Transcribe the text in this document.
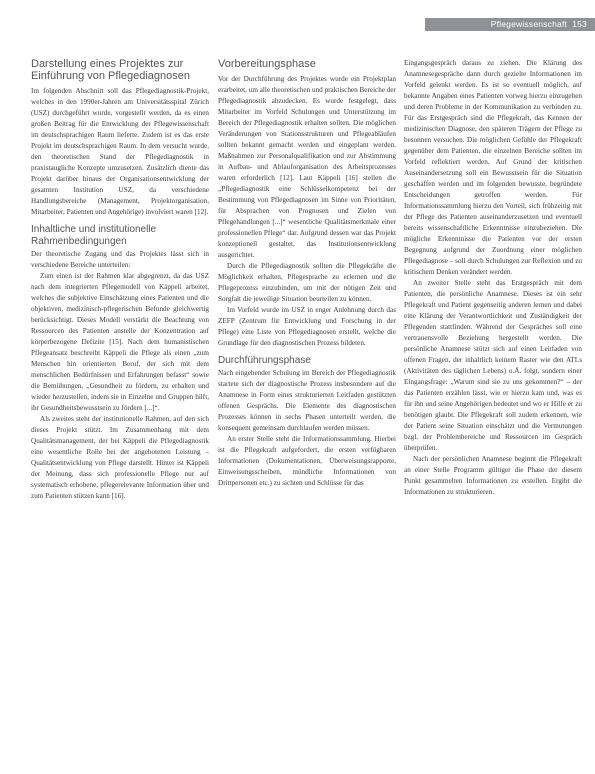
Pflegewissenschaft 153
Darstellung eines Projektes zur Einführung von Pflegediagnosen

Im folgenden Abschnitt soll das Pflegediagnostik-Projekt, welches in den 1990er-Jahren am Universitätsspital Zürich (USZ) durchgeführt wurde, vorgestellt werden, da es einen großen Beitrag für die Entwicklung der Pflegewissenschaft im deutschsprachigen Raum lieferte. Zudem ist es das erste Projekt im deutschsprachigen Raum. In dem versucht wurde, den theoretischen Stand der Pflegediagnostik in praxistaugliche Konzepte umzusetzen. Zusätzlich diente das Projekt darüber hinaus der Organisationsentwicklung der gesamten Institution USZ, da verschiedene Handlungsbereiche (Management, Projektorganisation, Mitarbeiter, Patienten und Angehörige) involviert waren [12].

Inhaltliche und institutionelle Rahmenbedingungen

Der theoretische Zugang und das Projektes lässt sich in verschiedene Bereiche unterteilen:

Zum einen ist der Rahmen klar abgegrenzt, da das USZ nach dem integrierten Pflegemodell von Käppeli arbeitet, welches die subjektive Einschätzung eines Patienten und die objektiven, medizinisch-pflegerischen Befunde gleichwertig berücksichtigt. Dieses Modell verstärkt die Beachtung von Ressourcen des Patienten anstelle der Konzentration auf körperbezogene Defizite [15]. Nach dem humanistischen Pflegeansatz beschreibt Käppeli die Pflege als einen „zum Menschen hin orientierten Beruf, der sich mit dem menschlichen Bedürfnissen und Erfahrungen befasst“ sowie die Bemühungen, „Gesundheit zu fördern, zu erhalten und wieder herzustellen, indem sie in Einzelne und Gruppen hilft, ihr Gesundheitsbewusstsein zu fördern [...]“.

Als zweites steht der institutionelle Rahmen, auf den sich dieses Projekt stützt. Im Zusammenhang mit dem Qualitätsmanagement, der bei Käppeli die Pflegediagnostik eine wesentliche Rolle bei der angebotenen Leistung – Qualitätsentwicklung von Pflege darstellt. Hinter ist Käppeli der Meinung, dass sich professionelle Pflege nur auf systematisch erhobene, pflegerelevante Information über und zum Patienten stützen kann [16].

Vorbereitungsphase

Vor der Durchführung des Projektes wurde ein Projektplan erarbeitet, um alle theoretischen und praktischen Bereiche der Pflegediagnostik abzudecken. Es wurde festgelegt, dass Mitarbeiter im Vorfeld Schulungen und Unterstützung im Bereich der Pflegediagnostik erhalten sollten. Die möglichen Veränderungen von Stationsstrukturen und Pflegeabläufen sollten bekannt gemacht werden und eingeplant werden. Maßnahmen zur Personalqualifikation und zur Abstimmung in Aufbau- und Ablauforganisation des Arbeitsprozesses waren erforderlich [12]. Laut Käppeli [16] stellen die „Pflegediagnostik eine Schlüsselkompetenz bei der Bestimmung von Pflegediagnosen im Sinne von Prioritäten, für Absprachen von Prognosen und Zielen von Pflegehandlungen [...]“ wesentliche Qualitätsmerkmale einer professionellen Pflege“ dar. Aufgrund dessen war das Projekt konzeptionell gestaltet, das Institutionsentwicklung ausgerichtet.

Durch die Pflegediagnostik sollten die Pflegekräfte die Möglichkeit erhalten, Pflegesprache zu erlernen und die Pflegeprozess einzubinden, um mit der nötigen Zeit und Sorgfalt die jeweilige Situation beurteilen zu können.

Im Vorfeld wurde im USZ in enger Anlehnung durch das ZEFP (Zentrum für Entwicklung und Forschung in der Pflege) eine Liste von Pflegediagnosen erstellt, welche die Grundlage für den diagnostischen Prozess bildeten.

Durchführungsphase

Nach eingehender Schulung im Bereich der Pflegediagnostik startete sich der diagnostische Prozess insbesondere auf die Anamnese in Form eines strukturierten Leitfaden gestützten offenen Gesprächs. Die Elemente des diagnostischen Prozesses können in sechs Phasen unterteilt werden, die konsequent gemeinsam durchlaufen werden müssen.

An erster Stelle steht die Informationssammlung. Hierbei ist die Pflegekraft aufgefordert, die ersten verfügbaren Informationen (Dokumentationen, Überweisungsrapporte, Einweisungsscheiben, mündliche Informationen von Drittpersonen etc.) zu sichten und Schlüsse für das

Eingangsgespräch daraus zu ziehen. Die Klärung des Anamnesegespräche dann durch gezielte Informationen im Vorfeld gelenkt werden. Es ist so eventuell möglich, auf bekannte Angaben eines Patienten vorweg hierzu einzugehen und deren Probleme in der Kommunikation zu verbinden zu. Für das Erstgespräch sind die Pflegekraft, das Kennen der medizinischen Diagnose, den späteren Trägern der Pflege zu besonnen versuchen. Die möglichen Gefühle der Pflegekraft gegenüber dem Patienten, die einzelnen Bereiche sollten im Vorfeld reflektiert werden. Auf Grund der kritischen Auseinandersetzung soll ein Bewusstsein für die Situation geschaffen werden und im folgenden bewusste, begründete Entscheidungen getroffen werden. Für Informationssammlung hierzu den Vorteil, sich frühzeitig mit der Pflege des Patienten auseinanderzusetzen und eventuell bereits wissenschaftliche Erkenntnisse einzubeziehen. Die mögliche Erkenntnisse die Patienten vor der ersten Begegnung aufgrund der Zuordnung einer möglichen Pflegediagnose – soll durch Schulungen zur Reflexion und zu kritischem Denken verändert werden.

An zweiter Stelle steht das Erstgespräch mit dem Patienten, die persönliche Anamnese. Dieses ist ein sehr Pflegekraft und Patient gegenseitig anderen lernen und dabei eine Klärung der Verantwortlichkeit und Zuständigkeit der Pflegenden stattfinden. Während der Gespräches soll eine vertrauensvolle Beziehung hergestellt werden. Die persönliche Anamnese stützt sich auf einen Leitfaden von offenen Fragen, der inhaltlich keinem Raster wie den ATLs (Aktivitäten des täglichen Lebens) o.Ä. folgt, sondern einer Eingangsfrage: „Warum sind sie zu uns gekommen?“ – der das Patienten erzählen lässt, wie er hierzu kam und, was es für ihn und seine Angehörigen bedeutet und wo er Hilfe er zu benötigen glaubt. Die Pflegekraft soll zudem erkennen, wie der Patient seine Situation einschätzt und die Vermutungen bzgl. der Problembereiche und Ressourcen im Gespräch überprüfen.

Nach der persönlichen Anamnese beginnt die Pflegekraft an einer Stelle Programm gültiger die Phase der diesem Punkt gesammelten Informationen zu erstellen. Ergibt die Informationen zu strukturieren.
